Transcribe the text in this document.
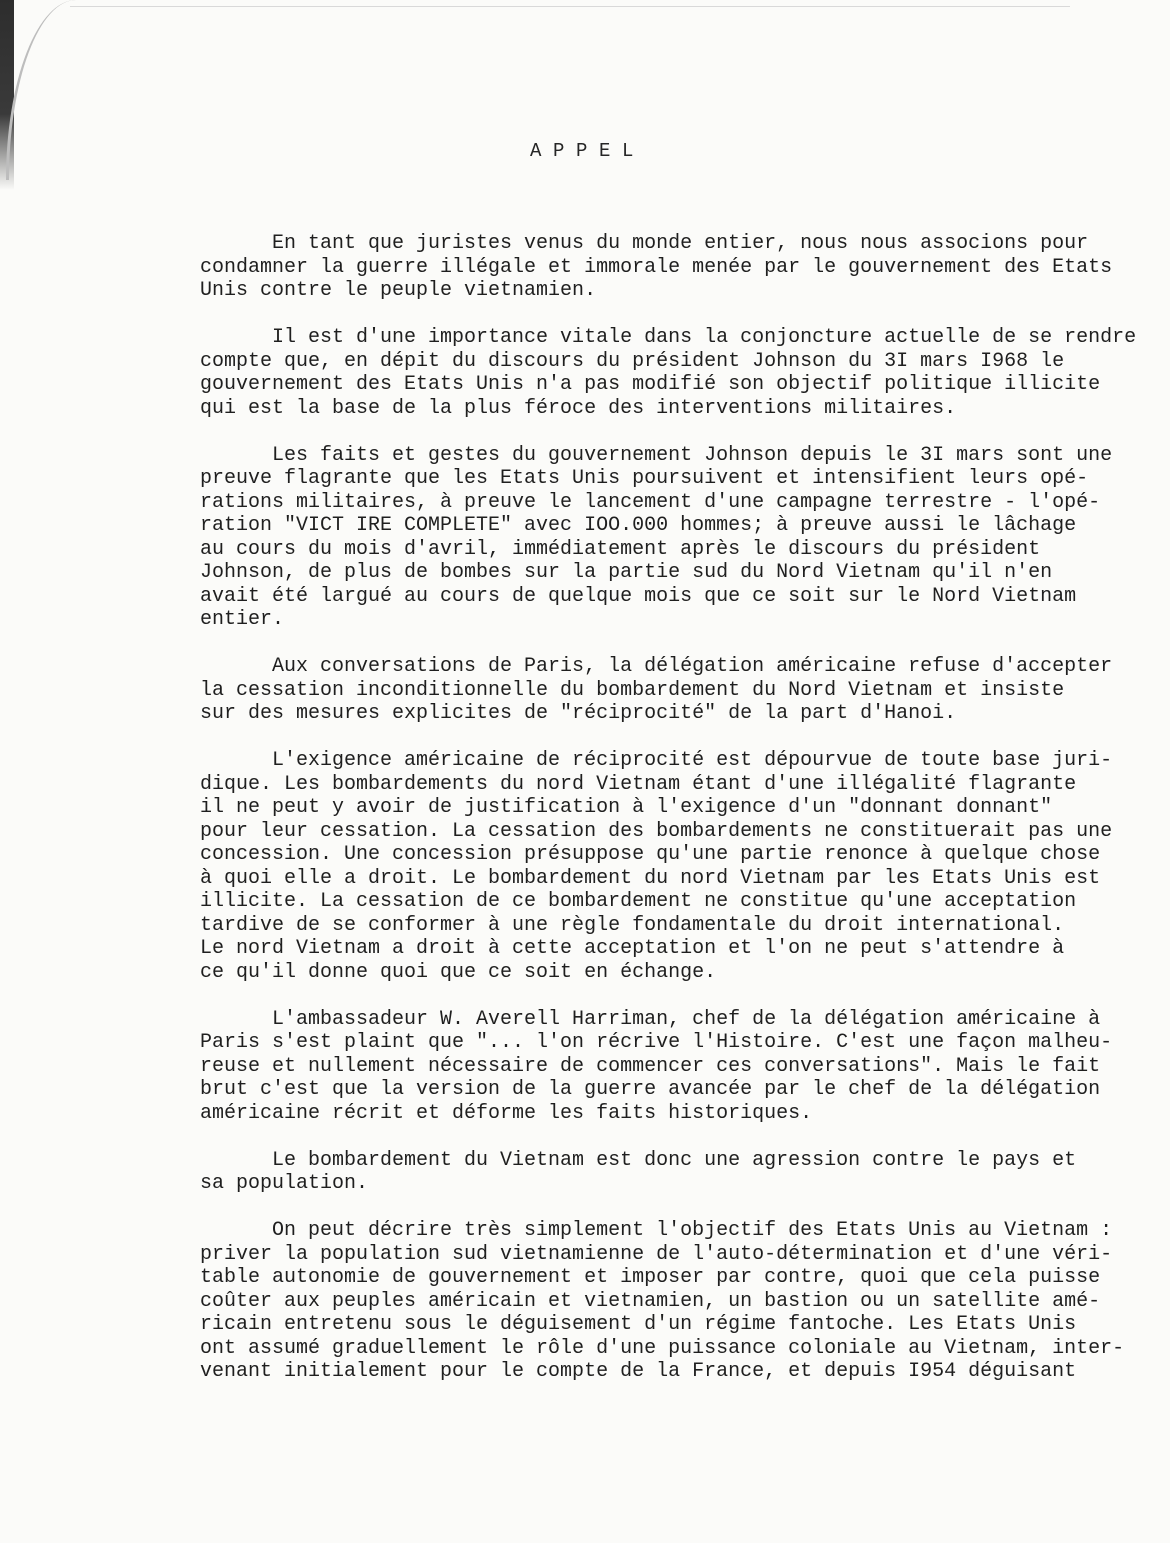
A P P E L
En tant que juristes venus du monde entier, nous nous associons pour
condamner la guerre illégale et immorale menée par le gouvernement des Etats
Unis contre le peuple vietnamien.
Il est d'une importance vitale dans la conjoncture actuelle de se rendre
compte que, en dépit du discours du président Johnson du 3I mars I968 le
gouvernement des Etats Unis n'a pas modifié son objectif politique illicite
qui est la base de la plus féroce des interventions militaires.
Les faits et gestes du gouvernement Johnson depuis le 3I mars sont une
preuve flagrante que les Etats Unis poursuivent et intensifient leurs opé-
rations militaires, à preuve le lancement d'une campagne terrestre - l'opé-
ration "VICT IRE COMPLETE" avec IOO.000 hommes; à preuve aussi le lâchage
au cours du mois d'avril, immédiatement après le discours du président
Johnson, de plus de bombes sur la partie sud du Nord Vietnam qu'il n'en
avait été largué au cours de quelque mois que ce soit sur le Nord Vietnam
entier.
Aux conversations de Paris, la délégation américaine refuse d'accepter
la cessation inconditionnelle du bombardement du Nord Vietnam et insiste
sur des mesures explicites de "réciprocité" de la part d'Hanoi.
L'exigence américaine de réciprocité est dépourvue de toute base juri-
dique. Les bombardements du nord Vietnam étant d'une illégalité flagrante
il ne peut y avoir de justification à l'exigence d'un "donnant donnant"
pour leur cessation. La cessation des bombardements ne constituerait pas une
concession. Une concession présuppose qu'une partie renonce à quelque chose
à quoi elle a droit. Le bombardement du nord Vietnam par les Etats Unis est
illicite. La cessation de ce bombardement ne constitue qu'une acceptation
tardive de se conformer à une règle fondamentale du droit international.
Le nord Vietnam a droit à cette acceptation et l'on ne peut s'attendre à
ce qu'il donne quoi que ce soit en échange.
L'ambassadeur W. Averell Harriman, chef de la délégation américaine à
Paris s'est plaint que "... l'on récrive l'Histoire. C'est une façon malheu-
reuse et nullement nécessaire de commencer ces conversations". Mais le fait
brut c'est que la version de la guerre avancée par le chef de la délégation
américaine récrit et déforme les faits historiques.
Le bombardement du Vietnam est donc une agression contre le pays et
sa population.
On peut décrire très simplement l'objectif des Etats Unis au Vietnam :
priver la population sud vietnamienne de l'auto-détermination et d'une véri-
table autonomie de gouvernement et imposer par contre, quoi que cela puisse
coûter aux peuples américain et vietnamien, un bastion ou un satellite amé-
ricain entretenu sous le déguisement d'un régime fantoche. Les Etats Unis
ont assumé graduellement le rôle d'une puissance coloniale au Vietnam, inter-
venant initialement pour le compte de la France, et depuis I954 déguisant
